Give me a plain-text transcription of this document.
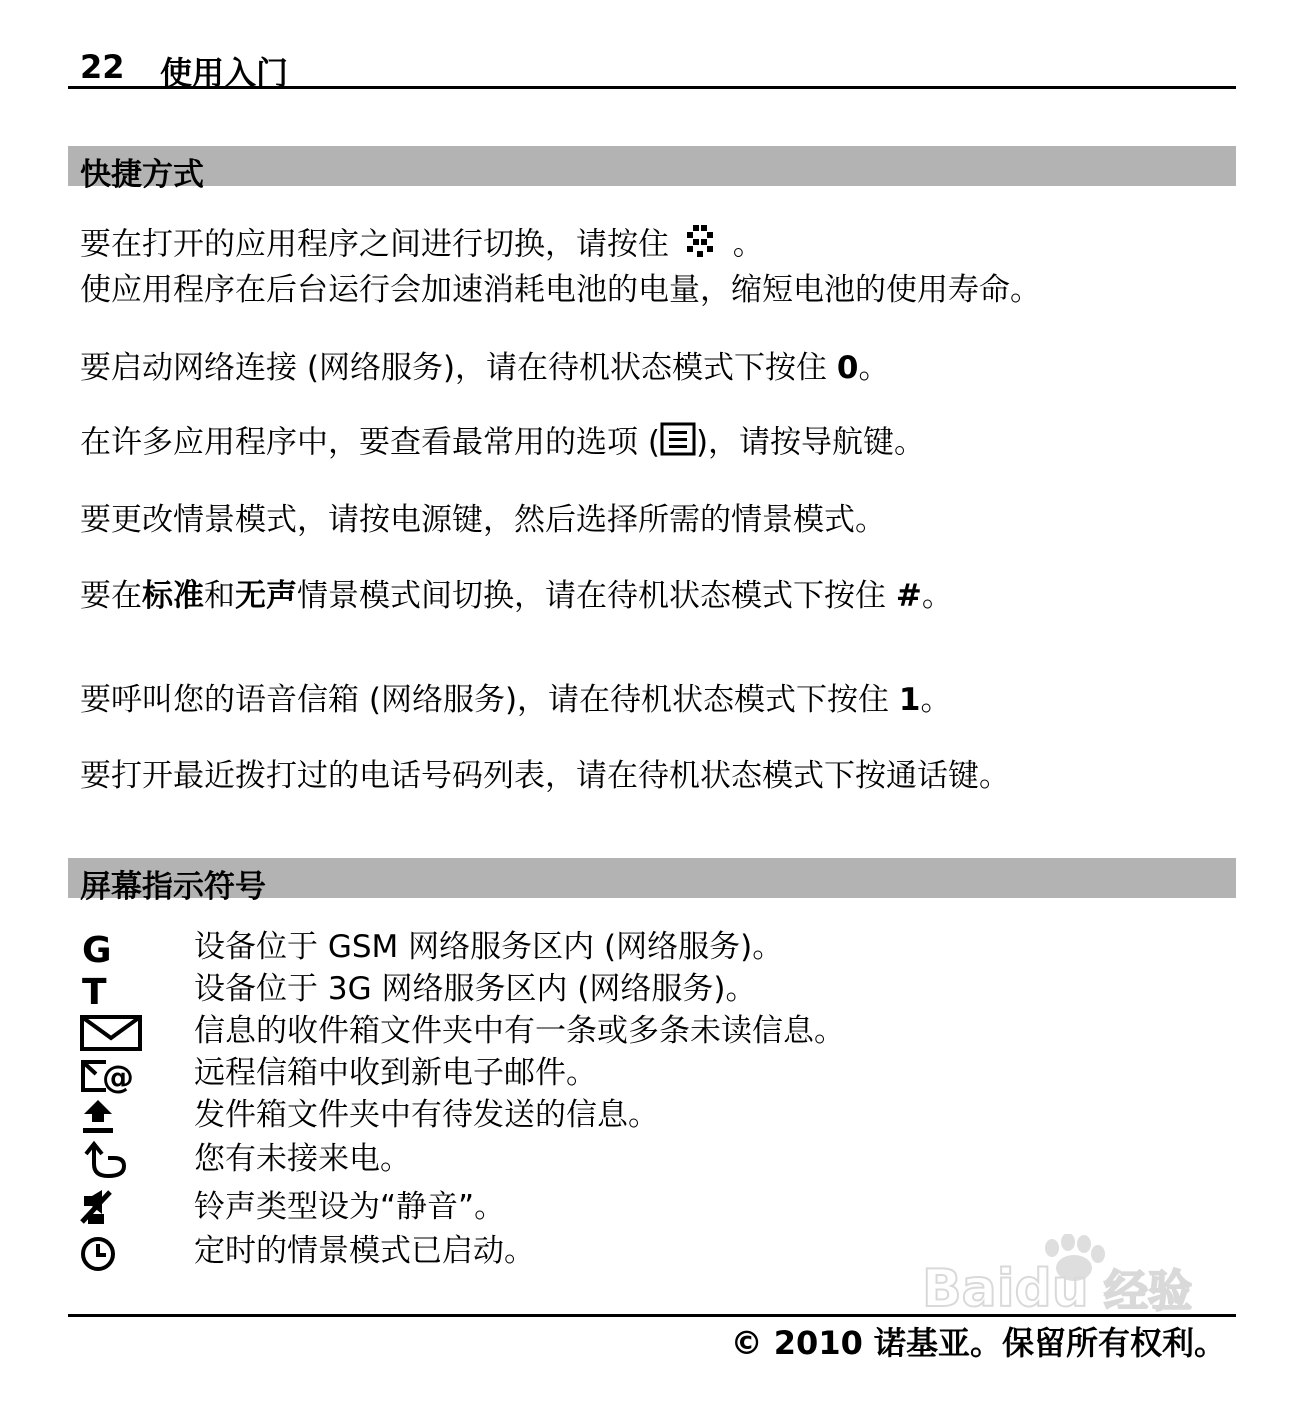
22 使用入门
快捷方式
要在打开的应用程序之间进行切换，请按住 。
使应用程序在后台运行会加速消耗电池的电量，缩短电池的使用寿命。
要启动网络连接 (网络服务)，请在待机状态模式下按住 0。
在许多应用程序中，要查看最常用的选项 ( )，请按导航键。
要更改情景模式，请按电源键，然后选择所需的情景模式。
要在标准和无声情景模式间切换，请在待机状态模式下按住 #。
要呼叫您的语音信箱 (网络服务)，请在待机状态模式下按住 1。
要打开最近拨打过的电话号码列表，请在待机状态模式下按通话键。
屏幕指示符号
G	设备位于 GSM 网络服务区内 (网络服务)。
T	设备位于 3G 网络服务区内 (网络服务)。
信息的收件箱文件夹中有一条或多条未读信息。
@ 远程信箱中收到新电子邮件。
发件箱文件夹中有待发送的信息。
您有未接来电。
铃声类型设为“静音”。
定时的情景模式已启动。
Baidu 经验
© 2010 诺基亚。保留所有权利。
